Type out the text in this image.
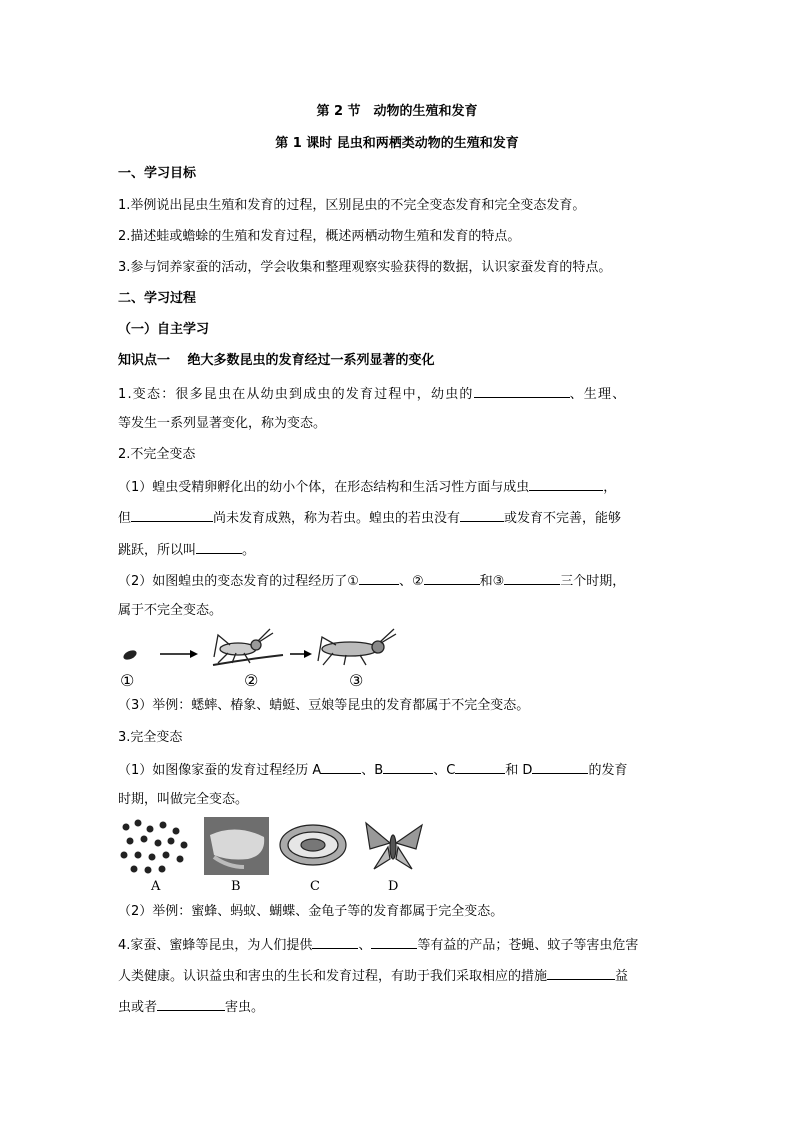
第 2 节　动物的生殖和发育
第 1 课时 昆虫和两栖类动物的生殖和发育
一、学习目标
1.举例说出昆虫生殖和发育的过程，区别昆虫的不完全变态发育和完全变态发育。
2.描述蛙或蟾蜍的生殖和发育过程，概述两栖动物生殖和发育的特点。
3.参与饲养家蚕的活动，学会收集和整理观察实验获得的数据，认识家蚕发育的特点。
二、学习过程
（一）自主学习
知识点一　 绝大多数昆虫的发育经过一系列显著的变化
1.变态：很多昆虫在从幼虫到成虫的发育过程中，幼虫的	、生理、
等发生一系列显著变化，称为变态。
2.不完全变态
（1）蝗虫受精卵孵化出的幼小个体，在形态结构和生活习性方面与成虫	，
但	尚未发育成熟，称为若虫。蝗虫的若虫没有	或发育不完善，能够
跳跃，所以叫	。
（2）如图蝗虫的变态发育的过程经历了①	、②	和③	三个时期，
属于不完全变态。
①	②	③
（3）举例：蟋蟀、椿象、蜻蜓、豆娘等昆虫的发育都属于不完全变态。
3.完全变态
（1）如图像家蚕的发育过程经历 A	、B	、C	和 D	的发育
时期，叫做完全变态。
A	B	C	D
（2）举例：蜜蜂、蚂蚁、蝴蝶、金龟子等的发育都属于完全变态。
4.家蚕、蜜蜂等昆虫，为人们提供	、	等有益的产品；苍蝇、蚊子等害虫危害
人类健康。认识益虫和害虫的生长和发育过程，有助于我们采取相应的措施	益
虫或者	害虫。
